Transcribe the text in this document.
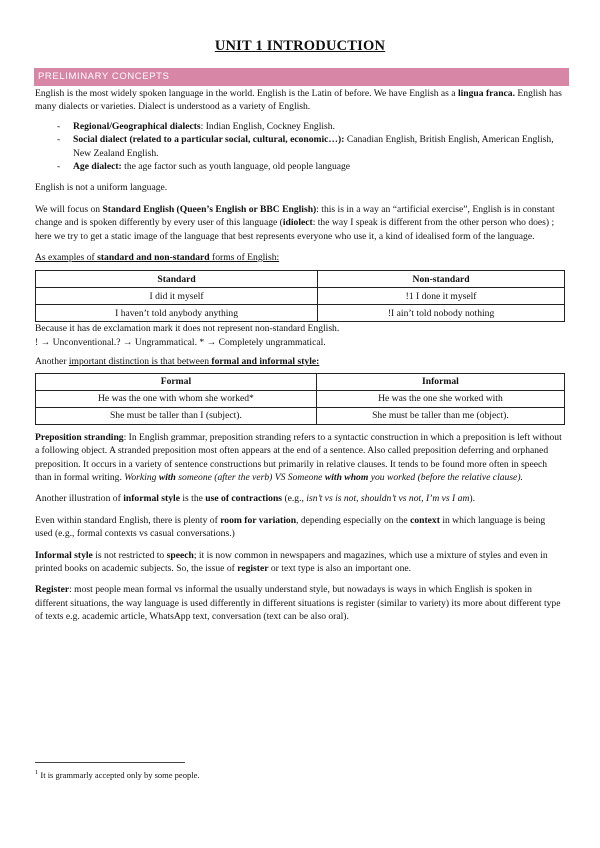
UNIT 1 INTRODUCTION
PRELIMINARY CONCEPTS

English is the most widely spoken language in the world. English is the Latin of before. We have English as a lingua franca. English has many dialects or varieties. Dialect is understood as a variety of English.

- Regional/Geographical dialects: Indian English, Cockney English.
- Social dialect (related to a particular social, cultural, economic…): Canadian English, British English, American English, New Zealand English.
- Age dialect: the age factor such as youth language, old people language

English is not a uniform language.

We will focus on Standard English (Queen’s English or BBC English): this is in a way an “artificial exercise”, English is in constant change and is spoken differently by every user of this language (idiolect: the way I speak is different from the other person who does) ; here we try to get a static image of the language that best represents everyone who use it, a kind of idealised form of the language.

As examples of standard and non-standard forms of English:

Standard	Non-standard
I did it myself	!1 I done it myself
I haven’t told anybody anything	!I ain’t told nobody nothing

Because it has de exclamation mark it does not represent non-standard English.

! → Unconventional.? → Ungrammatical. * → Completely ungrammatical.

Another important distinction is that between formal and informal style:

Formal	Informal
He was the one with whom she worked*	He was the one she worked with
She must be taller than I (subject).	She must be taller than me (object).

Preposition stranding: In English grammar, preposition stranding refers to a syntactic construction in which a preposition is left without a following object. A stranded preposition most often appears at the end of a sentence. Also called preposition deferring and orphaned preposition. It occurs in a variety of sentence constructions but primarily in relative clauses. It tends to be found more often in speech than in formal writing. Working with someone (after the verb) VS Someone with whom you worked (before the relative clause).

Another illustration of informal style is the use of contractions (e.g., isn’t vs is not, shouldn’t vs not, I’m vs I am).

Even within standard English, there is plenty of room for variation, depending especially on the context in which language is being used (e.g., formal contexts vs casual conversations.)

Informal style is not restricted to speech; it is now common in newspapers and magazines, which use a mixture of styles and even in printed books on academic subjects. So, the issue of register or text type is also an important one.

Register: most people mean formal vs informal the usually understand style, but nowadays is ways in which English is spoken in different situations, the way language is used differently in different situations is register (similar to variety) its more about different type of texts e.g. academic article, WhatsApp text, conversation (text can be also oral).

$^1$ It is grammarly accepted only by some people.
